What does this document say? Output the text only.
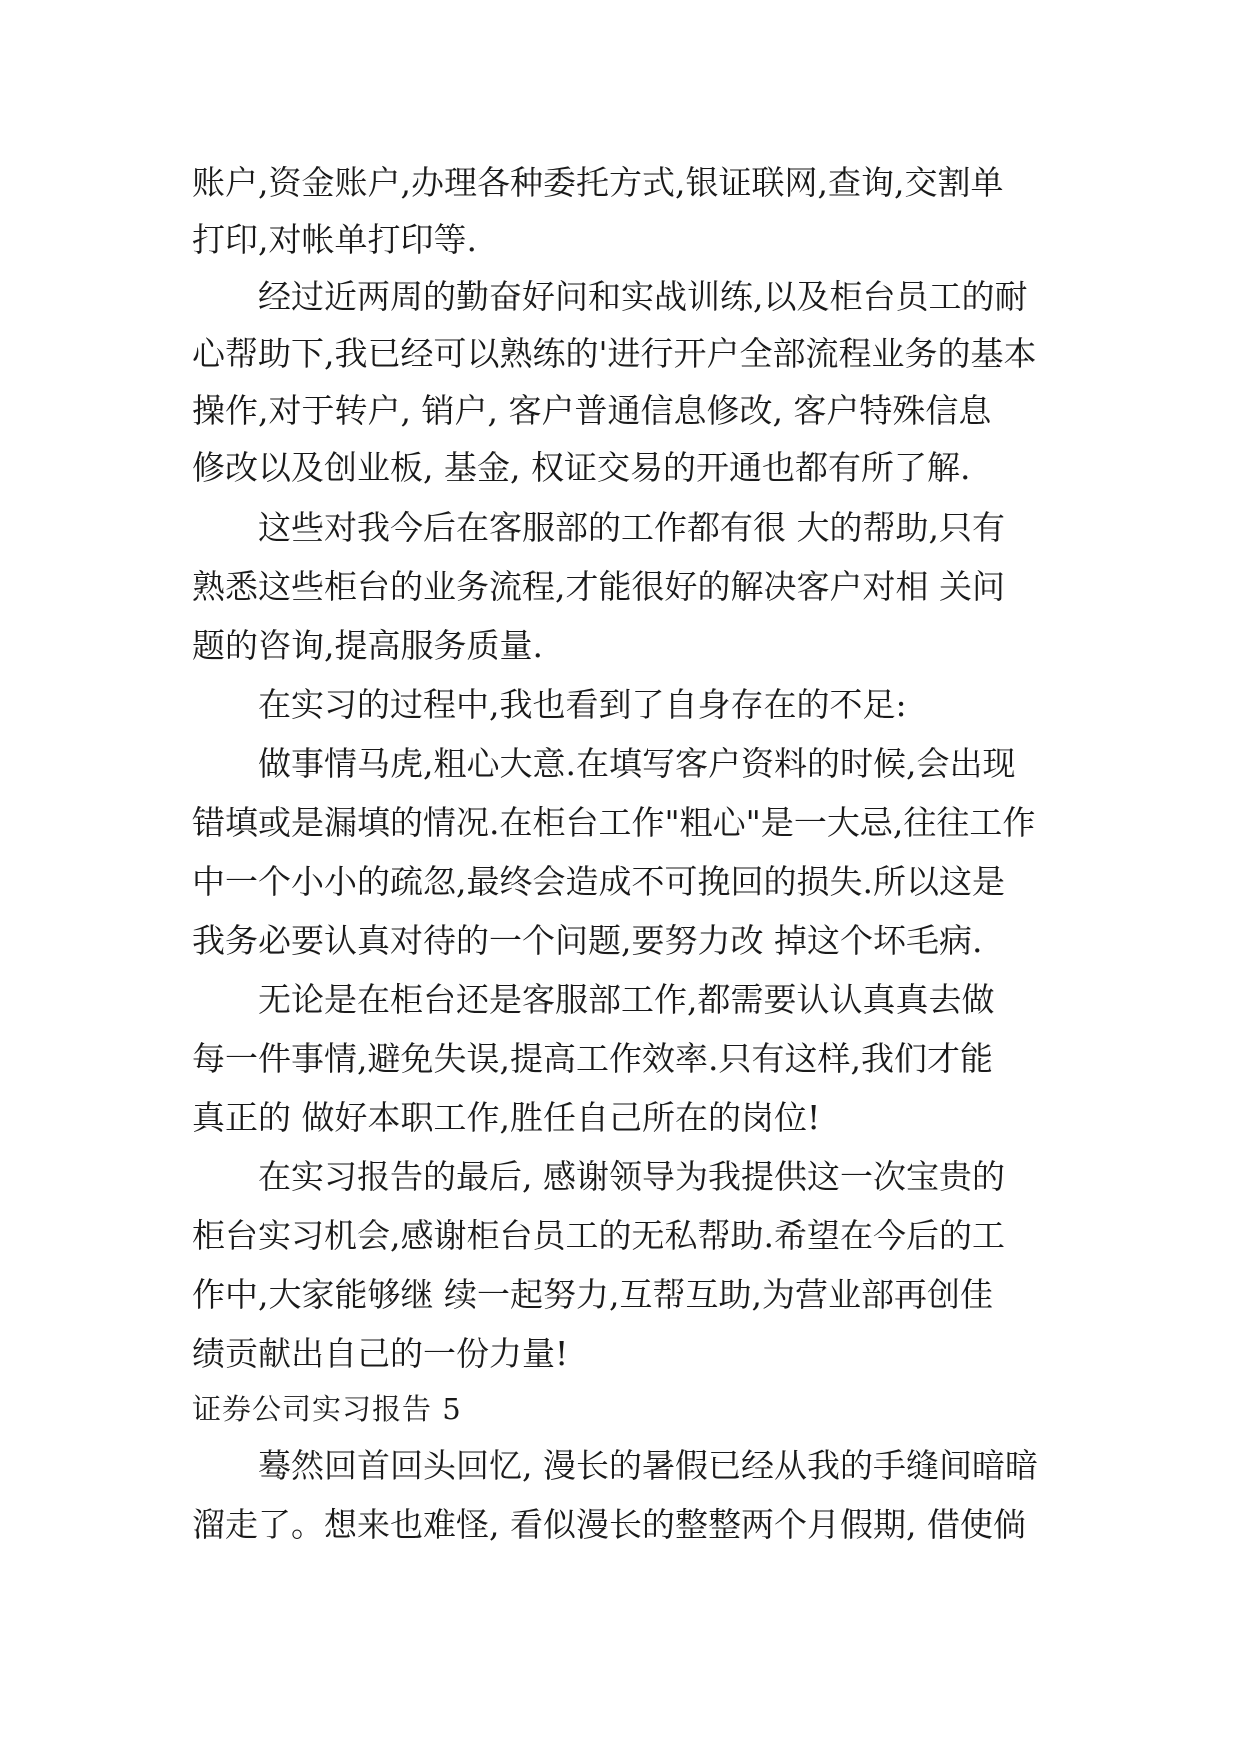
账户,资金账户,办理各种委托方式,银证联网,查询,交割单
打印,对帐单打印等.
经过近两周的勤奋好问和实战训练,以及柜台员工的耐
心帮助下,我已经可以熟练的'进行开户全部流程业务的基本
操作,对于转户, 销户, 客户普通信息修改, 客户特殊信息
修改以及创业板, 基金, 权证交易的开通也都有所了解.
这些对我今后在客服部的工作都有很 大的帮助,只有
熟悉这些柜台的业务流程,才能很好的解决客户对相 关问
题的咨询,提高服务质量.
在实习的过程中,我也看到了自身存在的不足:
做事情马虎,粗心大意.在填写客户资料的时候,会出现
错填或是漏填的情况.在柜台工作"粗心"是一大忌,往往工作
中一个小小的疏忽,最终会造成不可挽回的损失.所以这是
我务必要认真对待的一个问题,要努力改 掉这个坏毛病.
无论是在柜台还是客服部工作,都需要认认真真去做
每一件事情,避免失误,提高工作效率.只有这样,我们才能
真正的 做好本职工作,胜任自己所在的岗位!
在实习报告的最后, 感谢领导为我提供这一次宝贵的
柜台实习机会,感谢柜台员工的无私帮助.希望在今后的工
作中,大家能够继 续一起努力,互帮互助,为营业部再创佳
绩贡献出自己的一份力量!
证券公司实习报告 5
蓦然回首回头回忆, 漫长的暑假已经从我的手缝间暗暗
溜走了。想来也难怪, 看似漫长的整整两个月假期, 借使倘
